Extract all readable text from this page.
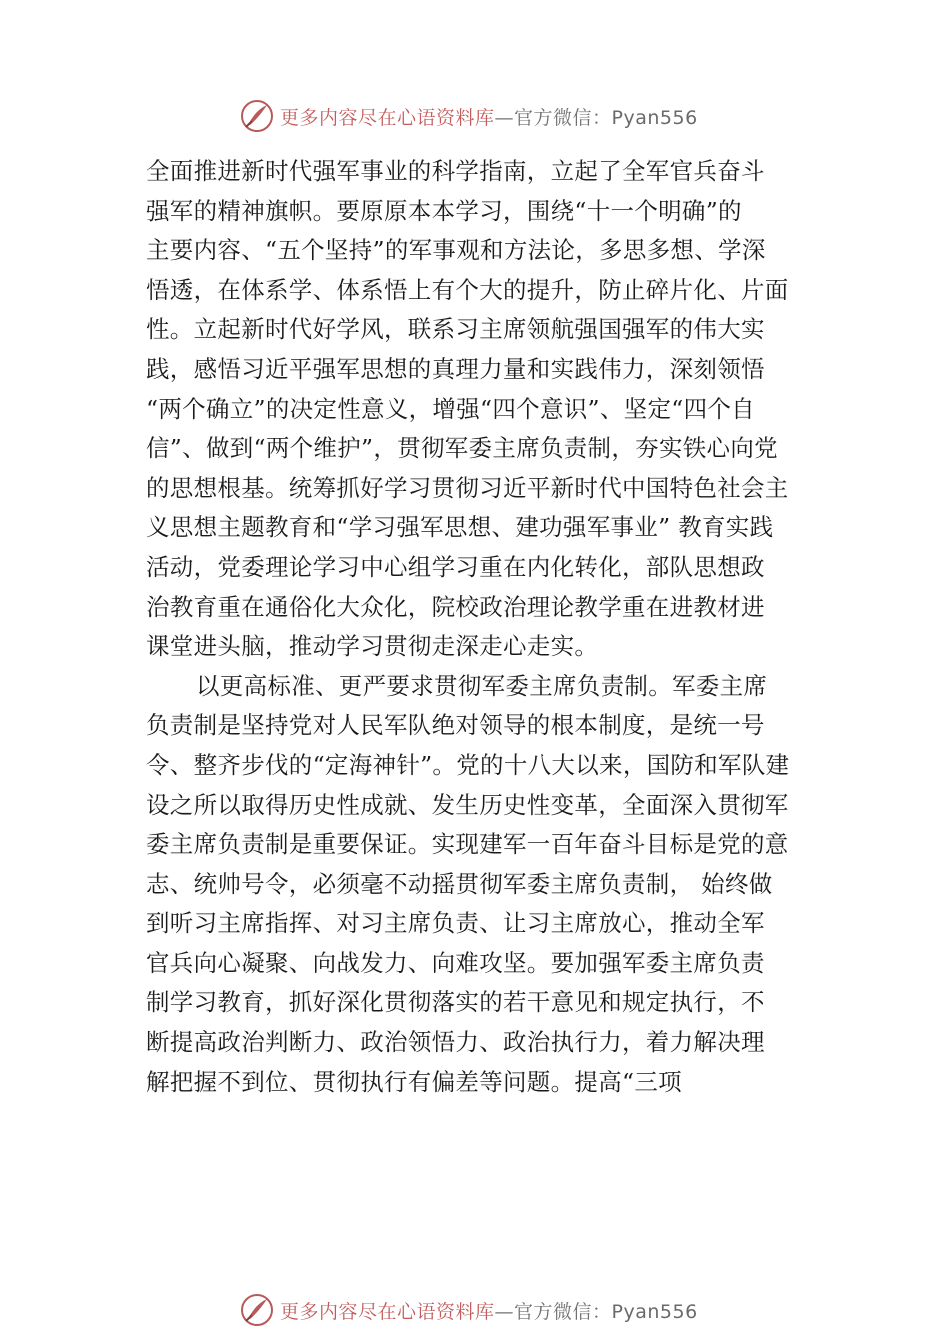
更多内容尽在心语资料库—官方微信：Pyan556
全面推进新时代强军事业的科学指南，立起了全军官兵奋斗
强军的精神旗帜。要原原本本学习，围绕“十一个明确”的
主要内容、“五个坚持”的军事观和方法论，多思多想、学深
悟透，在体系学、体系悟上有个大的提升，防止碎片化、片面
性。立起新时代好学风，联系习主席领航强国强军的伟大实
践，感悟习近平强军思想的真理力量和实践伟力，深刻领悟
“两个确立”的决定性意义，增强“四个意识”、坚定“四个自
信”、做到“两个维护”，贯彻军委主席负责制，夯实铁心向党
的思想根基。统筹抓好学习贯彻习近平新时代中国特色社会主
义思想主题教育和“学习强军思想、建功强军事业” 教育实践
活动，党委理论学习中心组学习重在内化转化，部队思想政
治教育重在通俗化大众化，院校政治理论教学重在进教材进
课堂进头脑，推动学习贯彻走深走心走实。
以更高标准、更严要求贯彻军委主席负责制。军委主席
负责制是坚持党对人民军队绝对领导的根本制度，是统一号
令、整齐步伐的“定海神针”。党的十八大以来，国防和军队建
设之所以取得历史性成就、发生历史性变革，全面深入贯彻军
委主席负责制是重要保证。实现建军一百年奋斗目标是党的意
志、统帅号令，必须毫不动摇贯彻军委主席负责制， 始终做
到听习主席指挥、对习主席负责、让习主席放心，推动全军
官兵向心凝聚、向战发力、向难攻坚。要加强军委主席负责
制学习教育，抓好深化贯彻落实的若干意见和规定执行，不
断提高政治判断力、政治领悟力、政治执行力，着力解决理
解把握不到位、贯彻执行有偏差等问题。提高“三项
更多内容尽在心语资料库—官方微信：Pyan556
